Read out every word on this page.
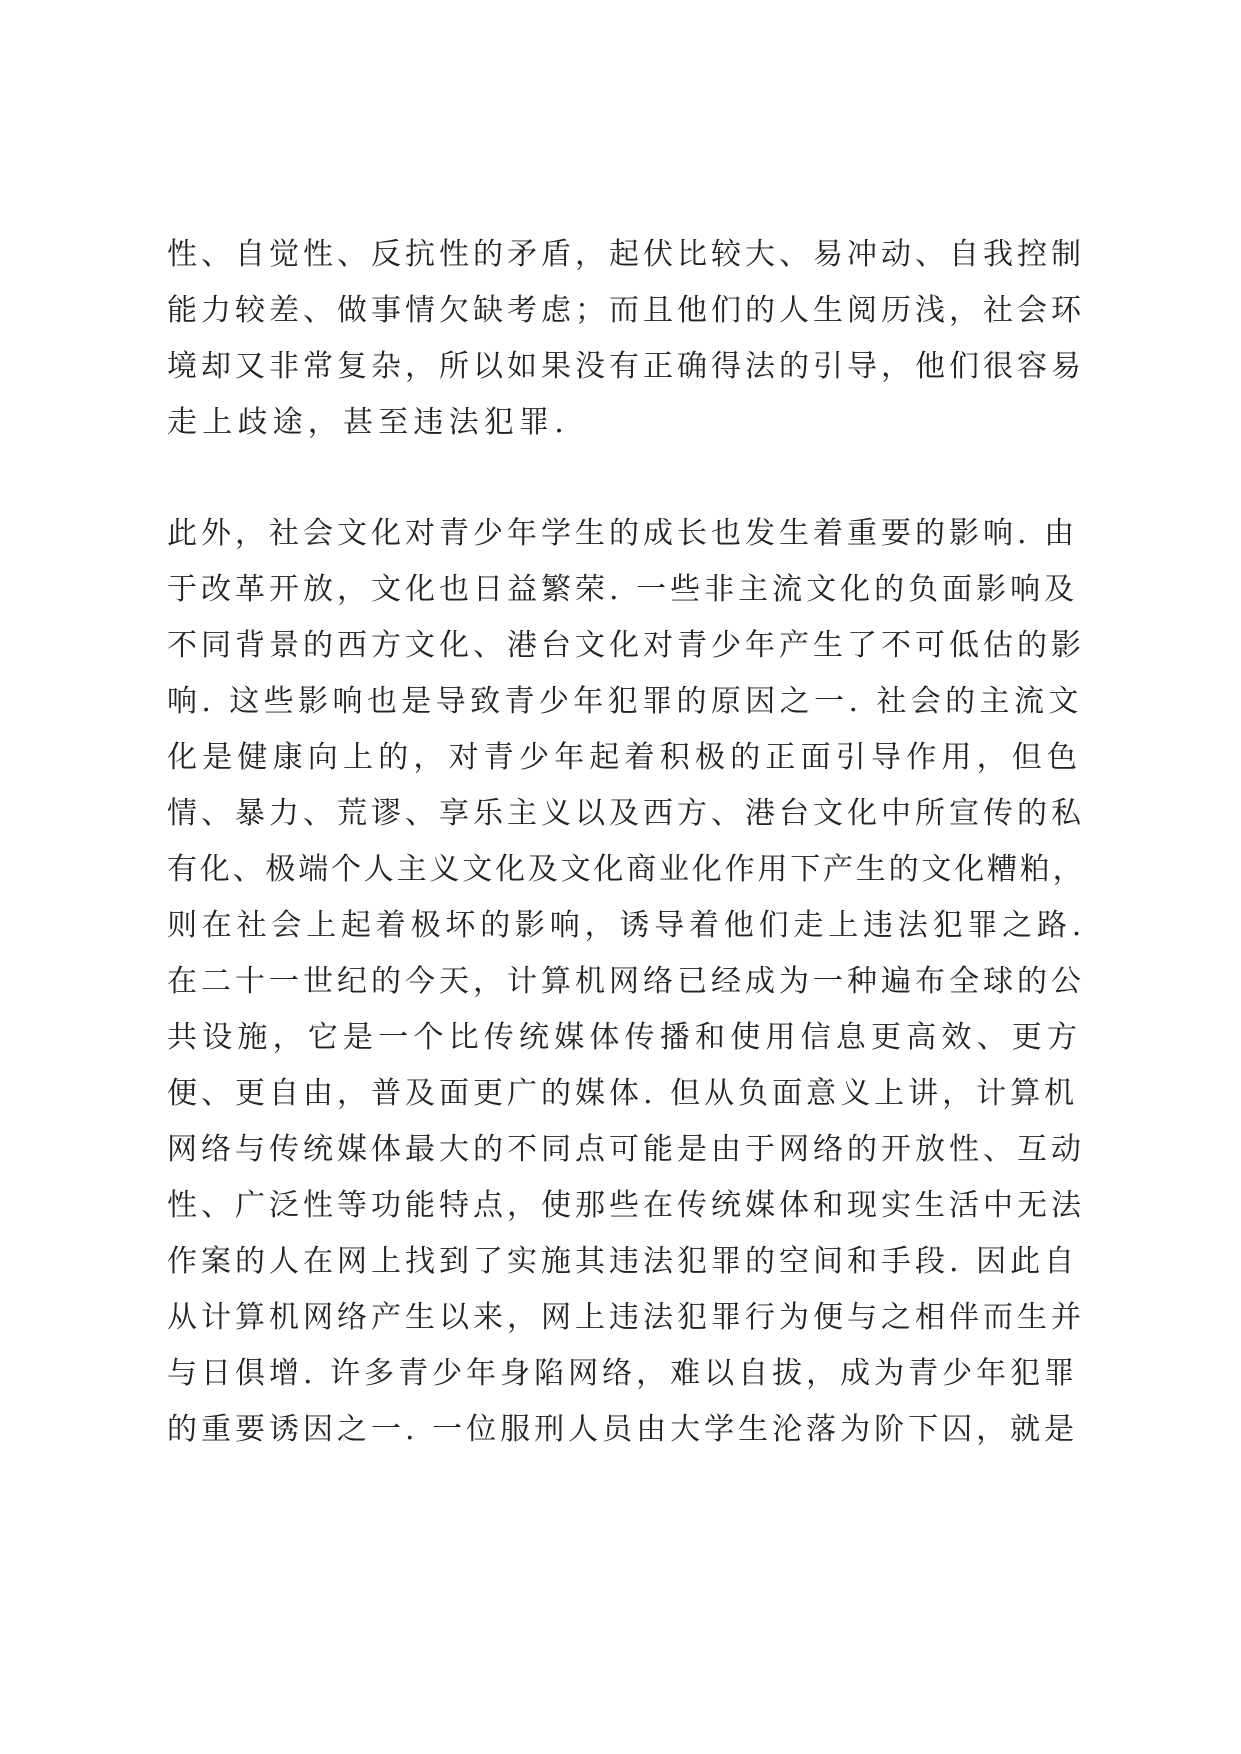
性、自觉性、反抗性的矛盾，起伏比较大、易冲动、自我控制
能力较差、做事情欠缺考虑；而且他们的人生阅历浅，社会环
境却又非常复杂，所以如果没有正确得法的引导，他们很容易
走上歧途，甚至违法犯罪.
此外，社会文化对青少年学生的成长也发生着重要的影响. 由
于改革开放，文化也日益繁荣. 一些非主流文化的负面影响及
不同背景的西方文化、港台文化对青少年产生了不可低估的影
响. 这些影响也是导致青少年犯罪的原因之一. 社会的主流文
化是健康向上的，对青少年起着积极的正面引导作用，但色
情、暴力、荒谬、享乐主义以及西方、港台文化中所宣传的私
有化、极端个人主义文化及文化商业化作用下产生的文化糟粕，
则在社会上起着极坏的影响，诱导着他们走上违法犯罪之路.
在二十一世纪的今天，计算机网络已经成为一种遍布全球的公
共设施，它是一个比传统媒体传播和使用信息更高效、更方
便、更自由，普及面更广的媒体. 但从负面意义上讲，计算机
网络与传统媒体最大的不同点可能是由于网络的开放性、互动
性、广泛性等功能特点，使那些在传统媒体和现实生活中无法
作案的人在网上找到了实施其违法犯罪的空间和手段. 因此自
从计算机网络产生以来，网上违法犯罪行为便与之相伴而生并
与日俱增. 许多青少年身陷网络，难以自拔，成为青少年犯罪
的重要诱因之一. 一位服刑人员由大学生沦落为阶下囚，就是
